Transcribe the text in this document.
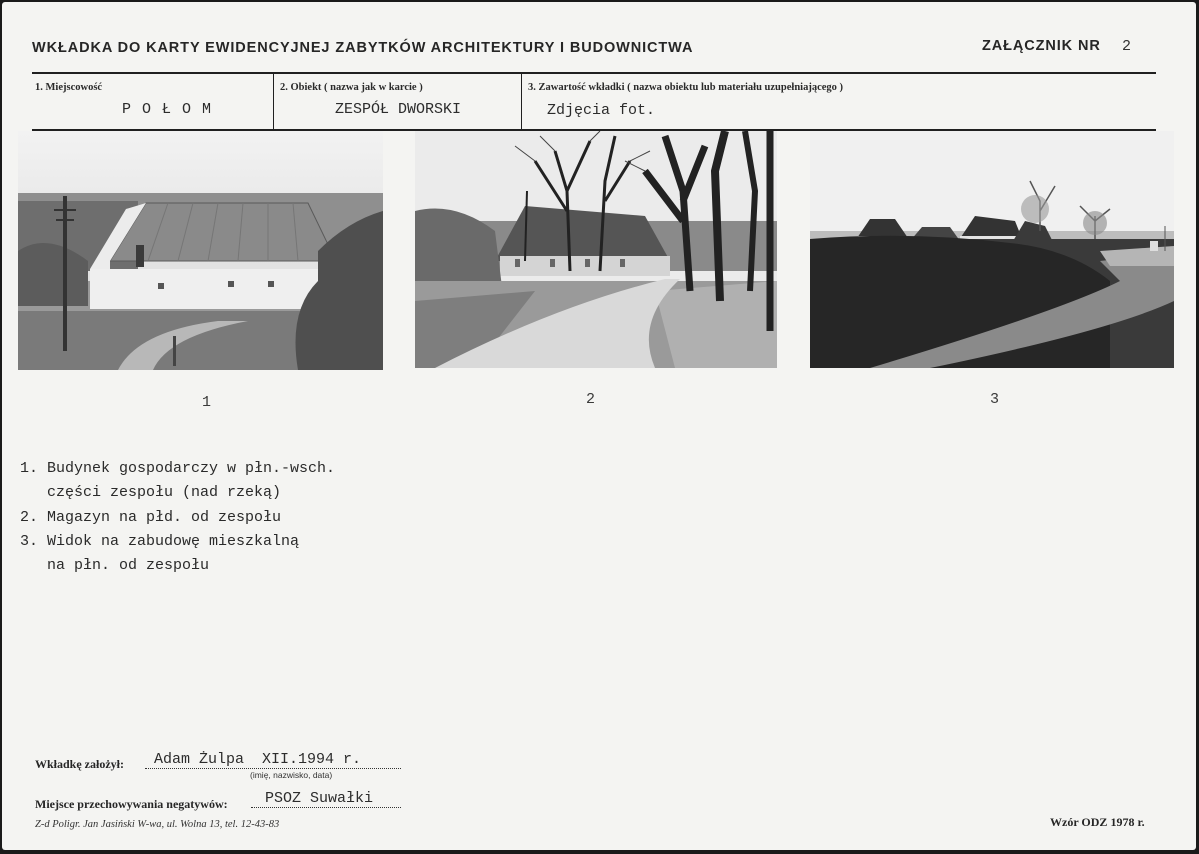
WKŁADKA DO KARTY EWIDENCYJNEJ ZABYTKÓW ARCHITEKTURY I BUDOWNICTWA	ZAŁĄCZNIK NR 2
1. Miejscowość
P O Ł O M
2. Obiekt ( nazwa jak w karcie )
ZESPÓŁ DWORSKI
3. Zawartość wkładki ( nazwa obiektu lub materiału uzupełniającego )
Zdjęcia fot.
1	2	3
1. Budynek gospodarczy w płn.-wsch.
części zespołu (nad rzeką)
2. Magazyn na płd. od zespołu
3. Widok na zabudowę mieszkalną
na płn. od zespołu
Wkładkę założył: Adam Żulpa  XII.1994 r.
(imię, nazwisko, data)
Miejsce przechowywania negatywów: PSOZ Suwałki
Z-d Poligr. Jan Jasiński W-wa, ul. Wolna 13, tel. 12-43-83	Wzór ODZ 1978 r.
